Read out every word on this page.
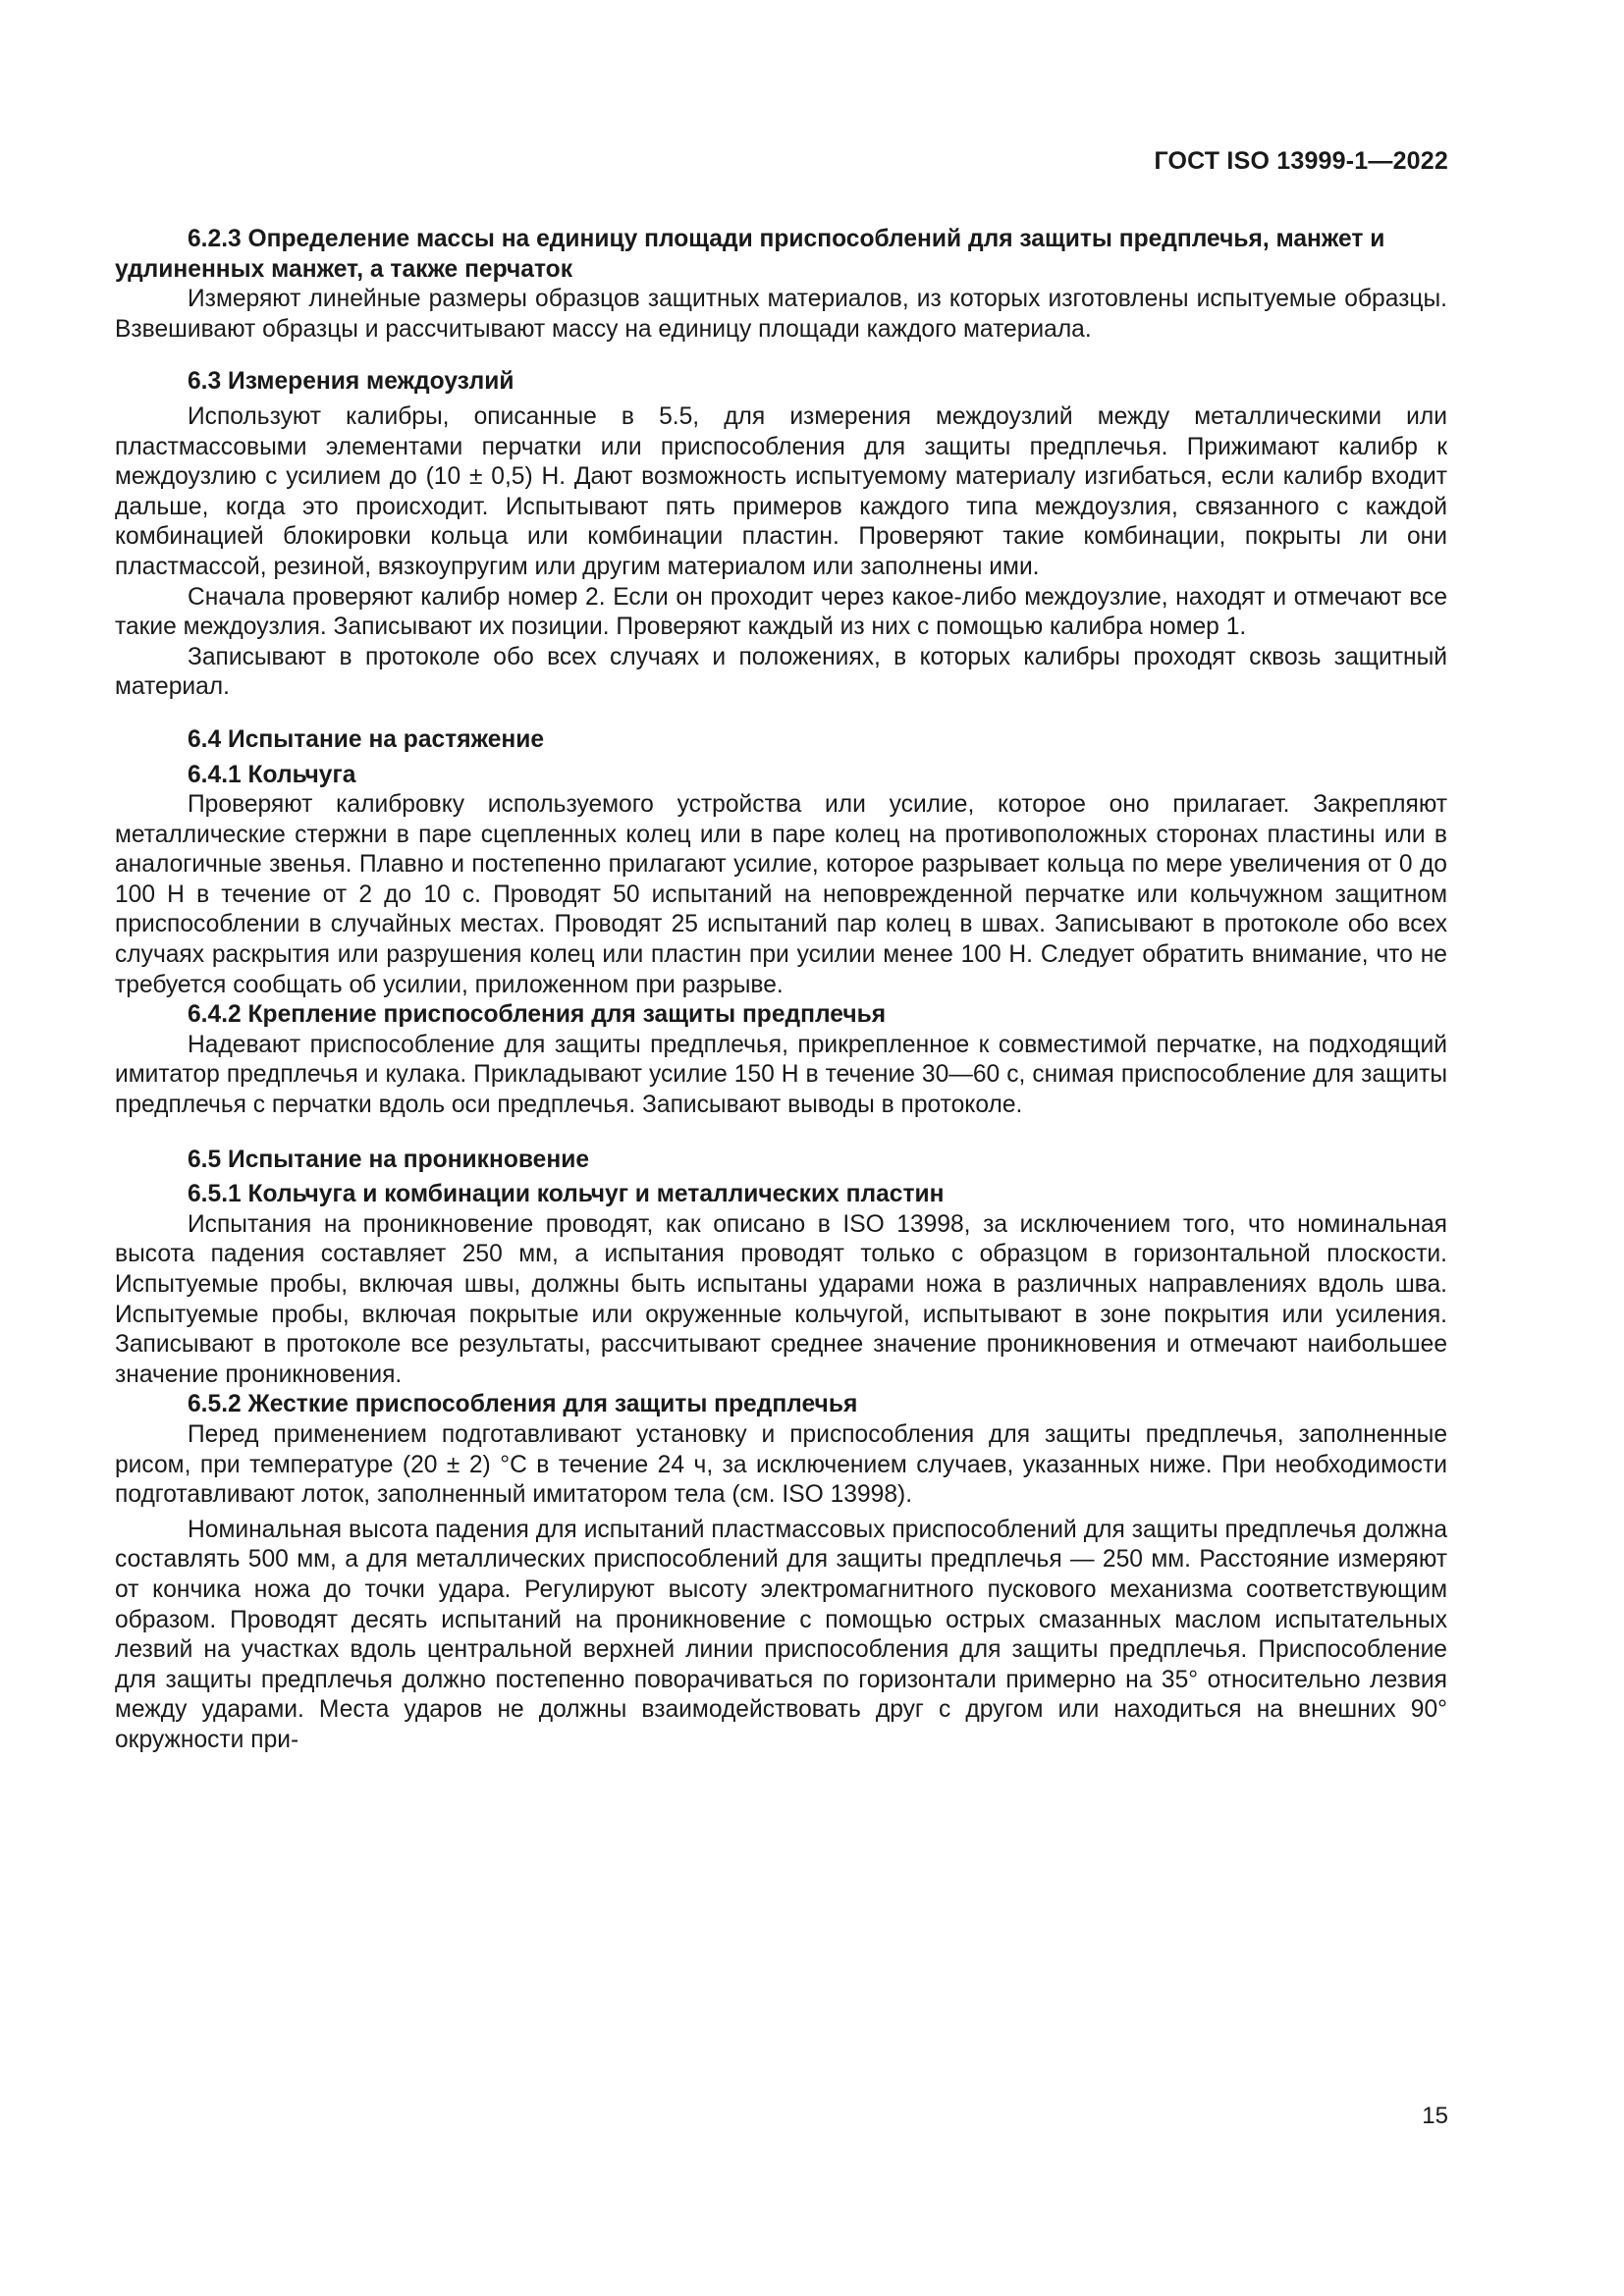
ГОСТ ISO 13999-1—2022
6.2.3 Определение массы на единицу площади приспособлений для защиты предплечья, манжет и удлиненных манжет, а также перчаток

Измеряют линейные размеры образцов защитных материалов, из которых изготовлены испытуемые образцы. Взвешивают образцы и рассчитывают массу на единицу площади каждого материала.

6.3 Измерения междоузлий

Используют калибры, описанные в 5.5, для измерения междоузлий между металлическими или пластмассовыми элементами перчатки или приспособления для защиты предплечья. Прижимают калибр к междоузлию с усилием до (10 ± 0,5) Н. Дают возможность испытуемому материалу изгибаться, если калибр входит дальше, когда это происходит. Испытывают пять примеров каждого типа междоузлия, связанного с каждой комбинацией блокировки кольца или комбинации пластин. Проверяют такие комбинации, покрыты ли они пластмассой, резиной, вязкоупругим или другим материалом или заполнены ими.

Сначала проверяют калибр номер 2. Если он проходит через какое-либо междоузлие, находят и отмечают все такие междоузлия. Записывают их позиции. Проверяют каждый из них с помощью калибра номер 1.

Записывают в протоколе обо всех случаях и положениях, в которых калибры проходят сквозь защитный материал.

6.4 Испытание на растяжение
6.4.1 Кольчуга

Проверяют калибровку используемого устройства или усилие, которое оно прилагает. Закрепляют металлические стержни в паре сцепленных колец или в паре колец на противоположных сторонах пластины или в аналогичные звенья. Плавно и постепенно прилагают усилие, которое разрывает кольца по мере увеличения от 0 до 100 Н в течение от 2 до 10 с. Проводят 50 испытаний на неповрежденной перчатке или кольчужном защитном приспособлении в случайных местах. Проводят 25 испытаний пар колец в швах. Записывают в протоколе обо всех случаях раскрытия или разрушения колец или пластин при усилии менее 100 Н. Следует обратить внимание, что не требуется сообщать об усилии, приложенном при разрыве.

6.4.2 Крепление приспособления для защиты предплечья

Надевают приспособление для защиты предплечья, прикрепленное к совместимой перчатке, на подходящий имитатор предплечья и кулака. Прикладывают усилие 150 Н в течение 30—60 с, снимая приспособление для защиты предплечья с перчатки вдоль оси предплечья. Записывают выводы в протоколе.

6.5 Испытание на проникновение
6.5.1 Кольчуга и комбинации кольчуг и металлических пластин

Испытания на проникновение проводят, как описано в ISO 13998, за исключением того, что номинальная высота падения составляет 250 мм, а испытания проводят только с образцом в горизонтальной плоскости. Испытуемые пробы, включая швы, должны быть испытаны ударами ножа в различных направлениях вдоль шва. Испытуемые пробы, включая покрытые или окруженные кольчугой, испытывают в зоне покрытия или усиления. Записывают в протоколе все результаты, рассчитывают среднее значение проникновения и отмечают наибольшее значение проникновения.

6.5.2 Жесткие приспособления для защиты предплечья

Перед применением подготавливают установку и приспособления для защиты предплечья, заполненные рисом, при температуре (20 ± 2) °С в течение 24 ч, за исключением случаев, указанных ниже. При необходимости подготавливают лоток, заполненный имитатором тела (см. ISO 13998).

Номинальная высота падения для испытаний пластмассовых приспособлений для защиты предплечья должна составлять 500 мм, а для металлических приспособлений для защиты предплечья — 250 мм. Расстояние измеряют от кончика ножа до точки удара. Регулируют высоту электромагнитного пускового механизма соответствующим образом. Проводят десять испытаний на проникновение с помощью острых смазанных маслом испытательных лезвий на участках вдоль центральной верхней линии приспособления для защиты предплечья. Приспособление для защиты предплечья должно постепенно поворачиваться по горизонтали примерно на 35° относительно лезвия между ударами. Места ударов не должны взаимодействовать друг с другом или находиться на внешних 90° окружности при-

15
